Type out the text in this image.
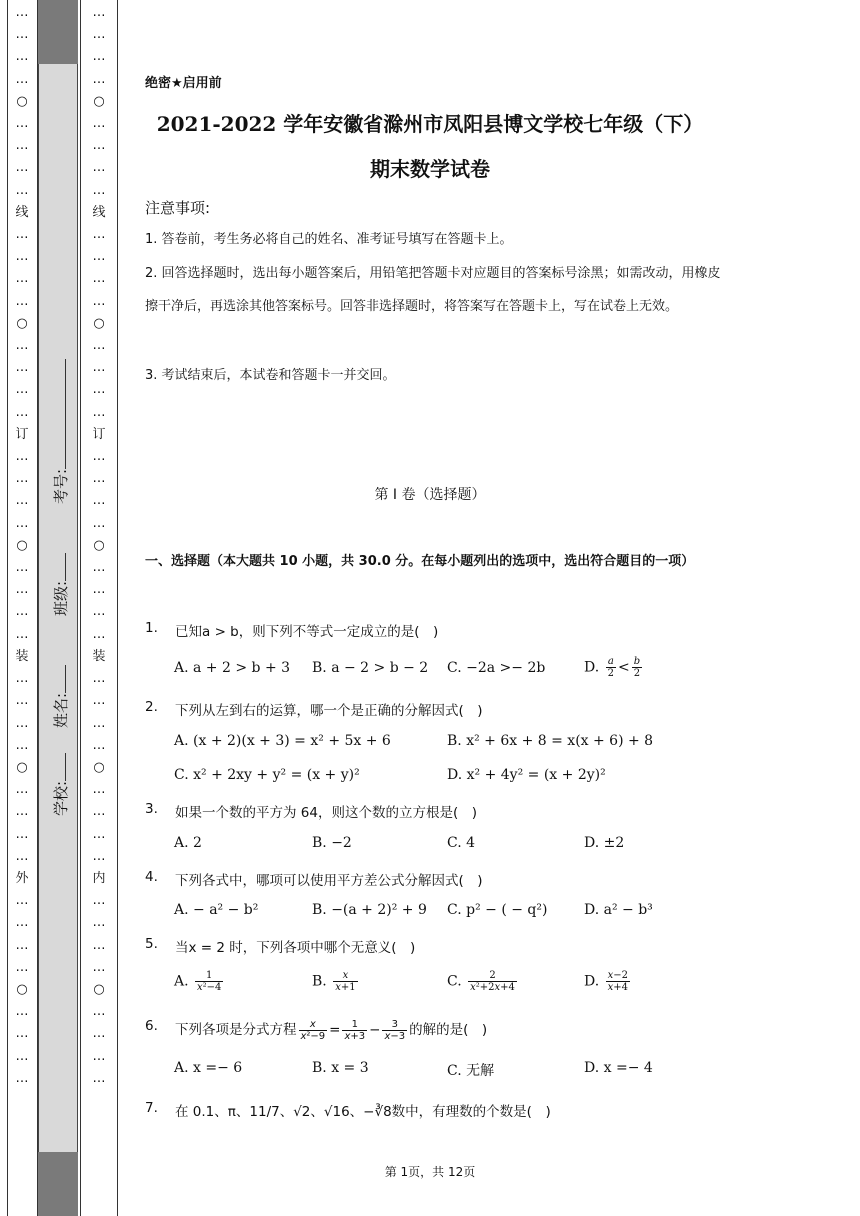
…
…
…
…
○
…
…
…
…
线
…
…
…
…
○
…
…
…
…
订
…
…
…
…
○
…
…
…
…
装
…
…
…
…
○
…
…
…
…
外
…
…
…
…
○
…
…
…
…
…
…
…
…
○
…
…
…
…
线
…
…
…
…
○
…
…
…
…
订
…
…
…
…
○
…
…
…
…
装
…
…
…
…
○
…
…
…
…
内
…
…
…
…
○
…
…
…
…
学校:
姓名:
班级:
考号:
绝密★启用前
2021-2022 学年安徽省滁州市凤阳县博文学校七年级（下）
期末数学试卷
注意事项:
1. 答卷前，考生务必将自己的姓名、准考证号填写在答题卡上。
2. 回答选择题时，选出每小题答案后，用铅笔把答题卡对应题目的答案标号涂黑；如需改动，用橡皮擦干净后，再选涂其他答案标号。回答非选择题时，将答案写在答题卡上，写在试卷上无效。
3. 考试结束后，本试卷和答题卡一并交回。
第 I 卷（选择题）
一、选择题（本大题共 10 小题，共 30.0 分。在每小题列出的选项中，选出符合题目的一项）
1. 已知a > b，则下列不等式一定成立的是(　)
A. a + 2 > b + 3 B. a − 2 > b − 2 C. −2a >− 2b	D. $\frac{a}{2} < \frac{b}{2}$
2. 下列从左到右的运算，哪一个是正确的分解因式(　)
A. (x + 2)(x + 3) = x² + 5x + 6	B. x² + 6x + 8 = x(x + 6) + 8
C. x² + 2xy + y² = (x + y)²	D. x² + 4y² = (x + 2y)²
3. 如果一个数的平方为 64，则这个数的立方根是(　)
A. 2	B. −2	C. 4	D. ±2
4. 下列各式中，哪项可以使用平方差公式分解因式(　)
A. − a² − b²	B. −(a + 2)² + 9 C. p² − ( − q²)	D. a² − b³
5. 当x = 2 时，下列各项中哪个无意义(　)
A. $\frac{1}{\text{x²−4}}$	B. $\frac{x}{x+1}$	C. $\frac{2}{\text{x²+2x+4}}$	D. $\frac{x-2}{x+4}$
6. 下列各项是分式方程 $\frac{x}{\text{x²−9}} = \frac{1}{x+3} - \frac{3}{x-3}$ 的解的是(　)
A. x =− 6	B. x = 3	C. 无解	D. x =− 4
7. 在 0.1、π、11/7、√2、√16、−∛8数中，有理数的个数是(　)
第 1页，共 12页
